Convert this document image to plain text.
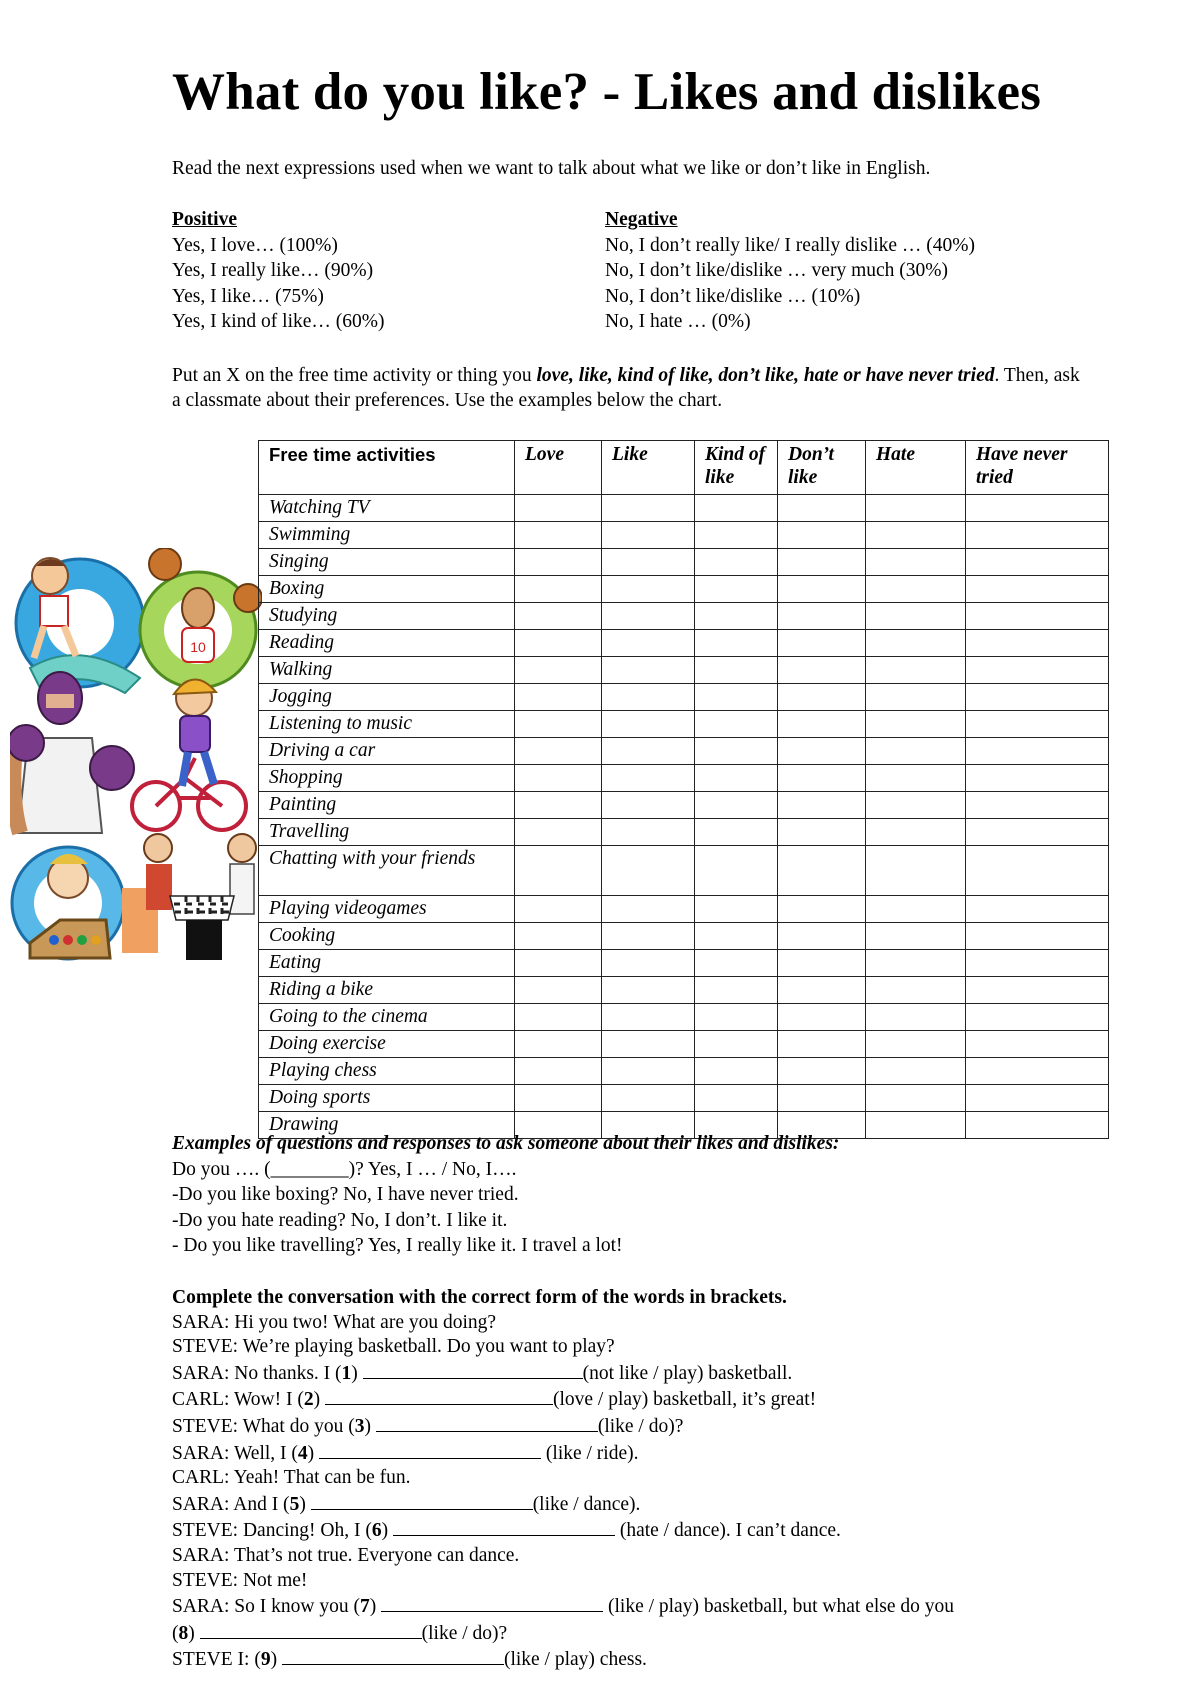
What do you like? - Likes and dislikes
Read the next expressions used when we want to talk about what we like or don’t like in English.
Positive
Yes, I love… (100%)
Yes, I really like… (90%)
Yes, I like… (75%)
Yes, I kind of like… (60%)
Negative
No, I don’t really like/ I really dislike … (40%)
No, I don’t like/dislike … very much (30%)
No, I don’t like/dislike … (10%)
No, I hate … (0%)
Put an X on the free time activity or thing you love, like, kind of like, don’t like, hate or have never tried. Then, ask a classmate about their preferences. Use the examples below the chart.
10
Free time activities	Love	Like	Kind of like	Don’t like	Hate	Have never tried
Watching TV						
Swimming						
Singing						
Boxing						
Studying						
Reading						
Walking						
Jogging						
Listening to music						
Driving a car						
Shopping						
Painting						
Travelling						
Chatting with your friends						
Playing videogames						
Cooking						
Eating						
Riding a bike						
Going to the cinema						
Doing exercise						
Playing chess						
Doing sports						
Drawing						
Examples of questions and responses to ask someone about their likes and dislikes:
Do you …. (________)? Yes, I … / No, I….
-Do you like boxing? No, I have never tried.
-Do you hate reading? No, I don’t. I like it.
- Do you like travelling? Yes, I really like it. I travel a lot!
Complete the conversation with the correct form of the words in brackets.
SARA: Hi you two! What are you doing?
STEVE: We’re playing basketball. Do you want to play?
SARA: No thanks. I (1)	(not like / play) basketball.
CARL: Wow! I (2)	(love / play) basketball, it’s great!
STEVE: What do you (3)	(like / do)?
SARA: Well, I (4)	(like / ride).
CARL: Yeah! That can be fun.
SARA: And I (5)	(like / dance).
STEVE: Dancing! Oh, I (6)	(hate / dance). I can’t dance.
SARA: That’s not true. Everyone can dance.
STEVE: Not me!
SARA: So I know you (7)	(like / play) basketball, but what else do you
(8)	(like / do)?
STEVE I: (9)	(like / play) chess.
